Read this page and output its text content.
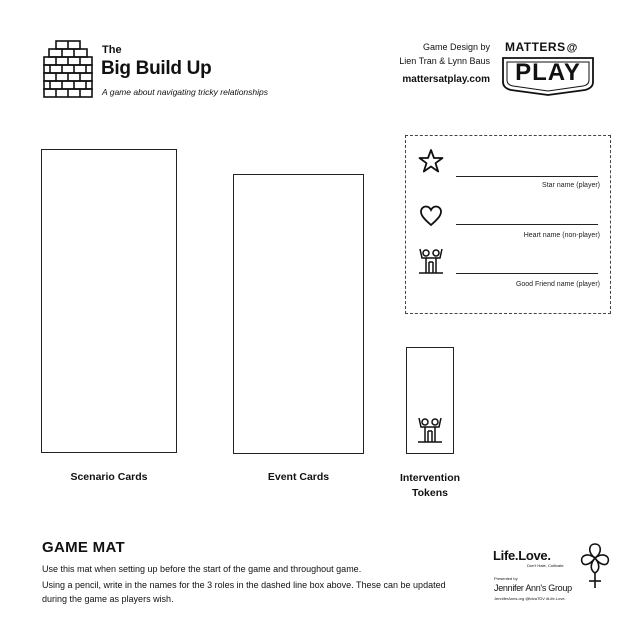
The
Big Build Up
A game about navigating tricky relationships
Game Design by
Lien Tran & Lynn Baus
mattersatplay.com
MATTERS@
PLAY
Scenario Cards	Event Cards	Intervention
Tokens
Star name (player)
Heart name (non-player)
Good Friend name (player)
GAME MAT
Use this mat when setting up before the start of the game and throughout game.
Using a pencil, write in the names for the 3 roles in the dashed line box above. These can be updated
during the game as players wish.
Life.Love.
Don't Hate, Cultivate
Presented by
Jennifer Ann's Group
JenniferAnns.org @tdvaTDV #Life.Love.
